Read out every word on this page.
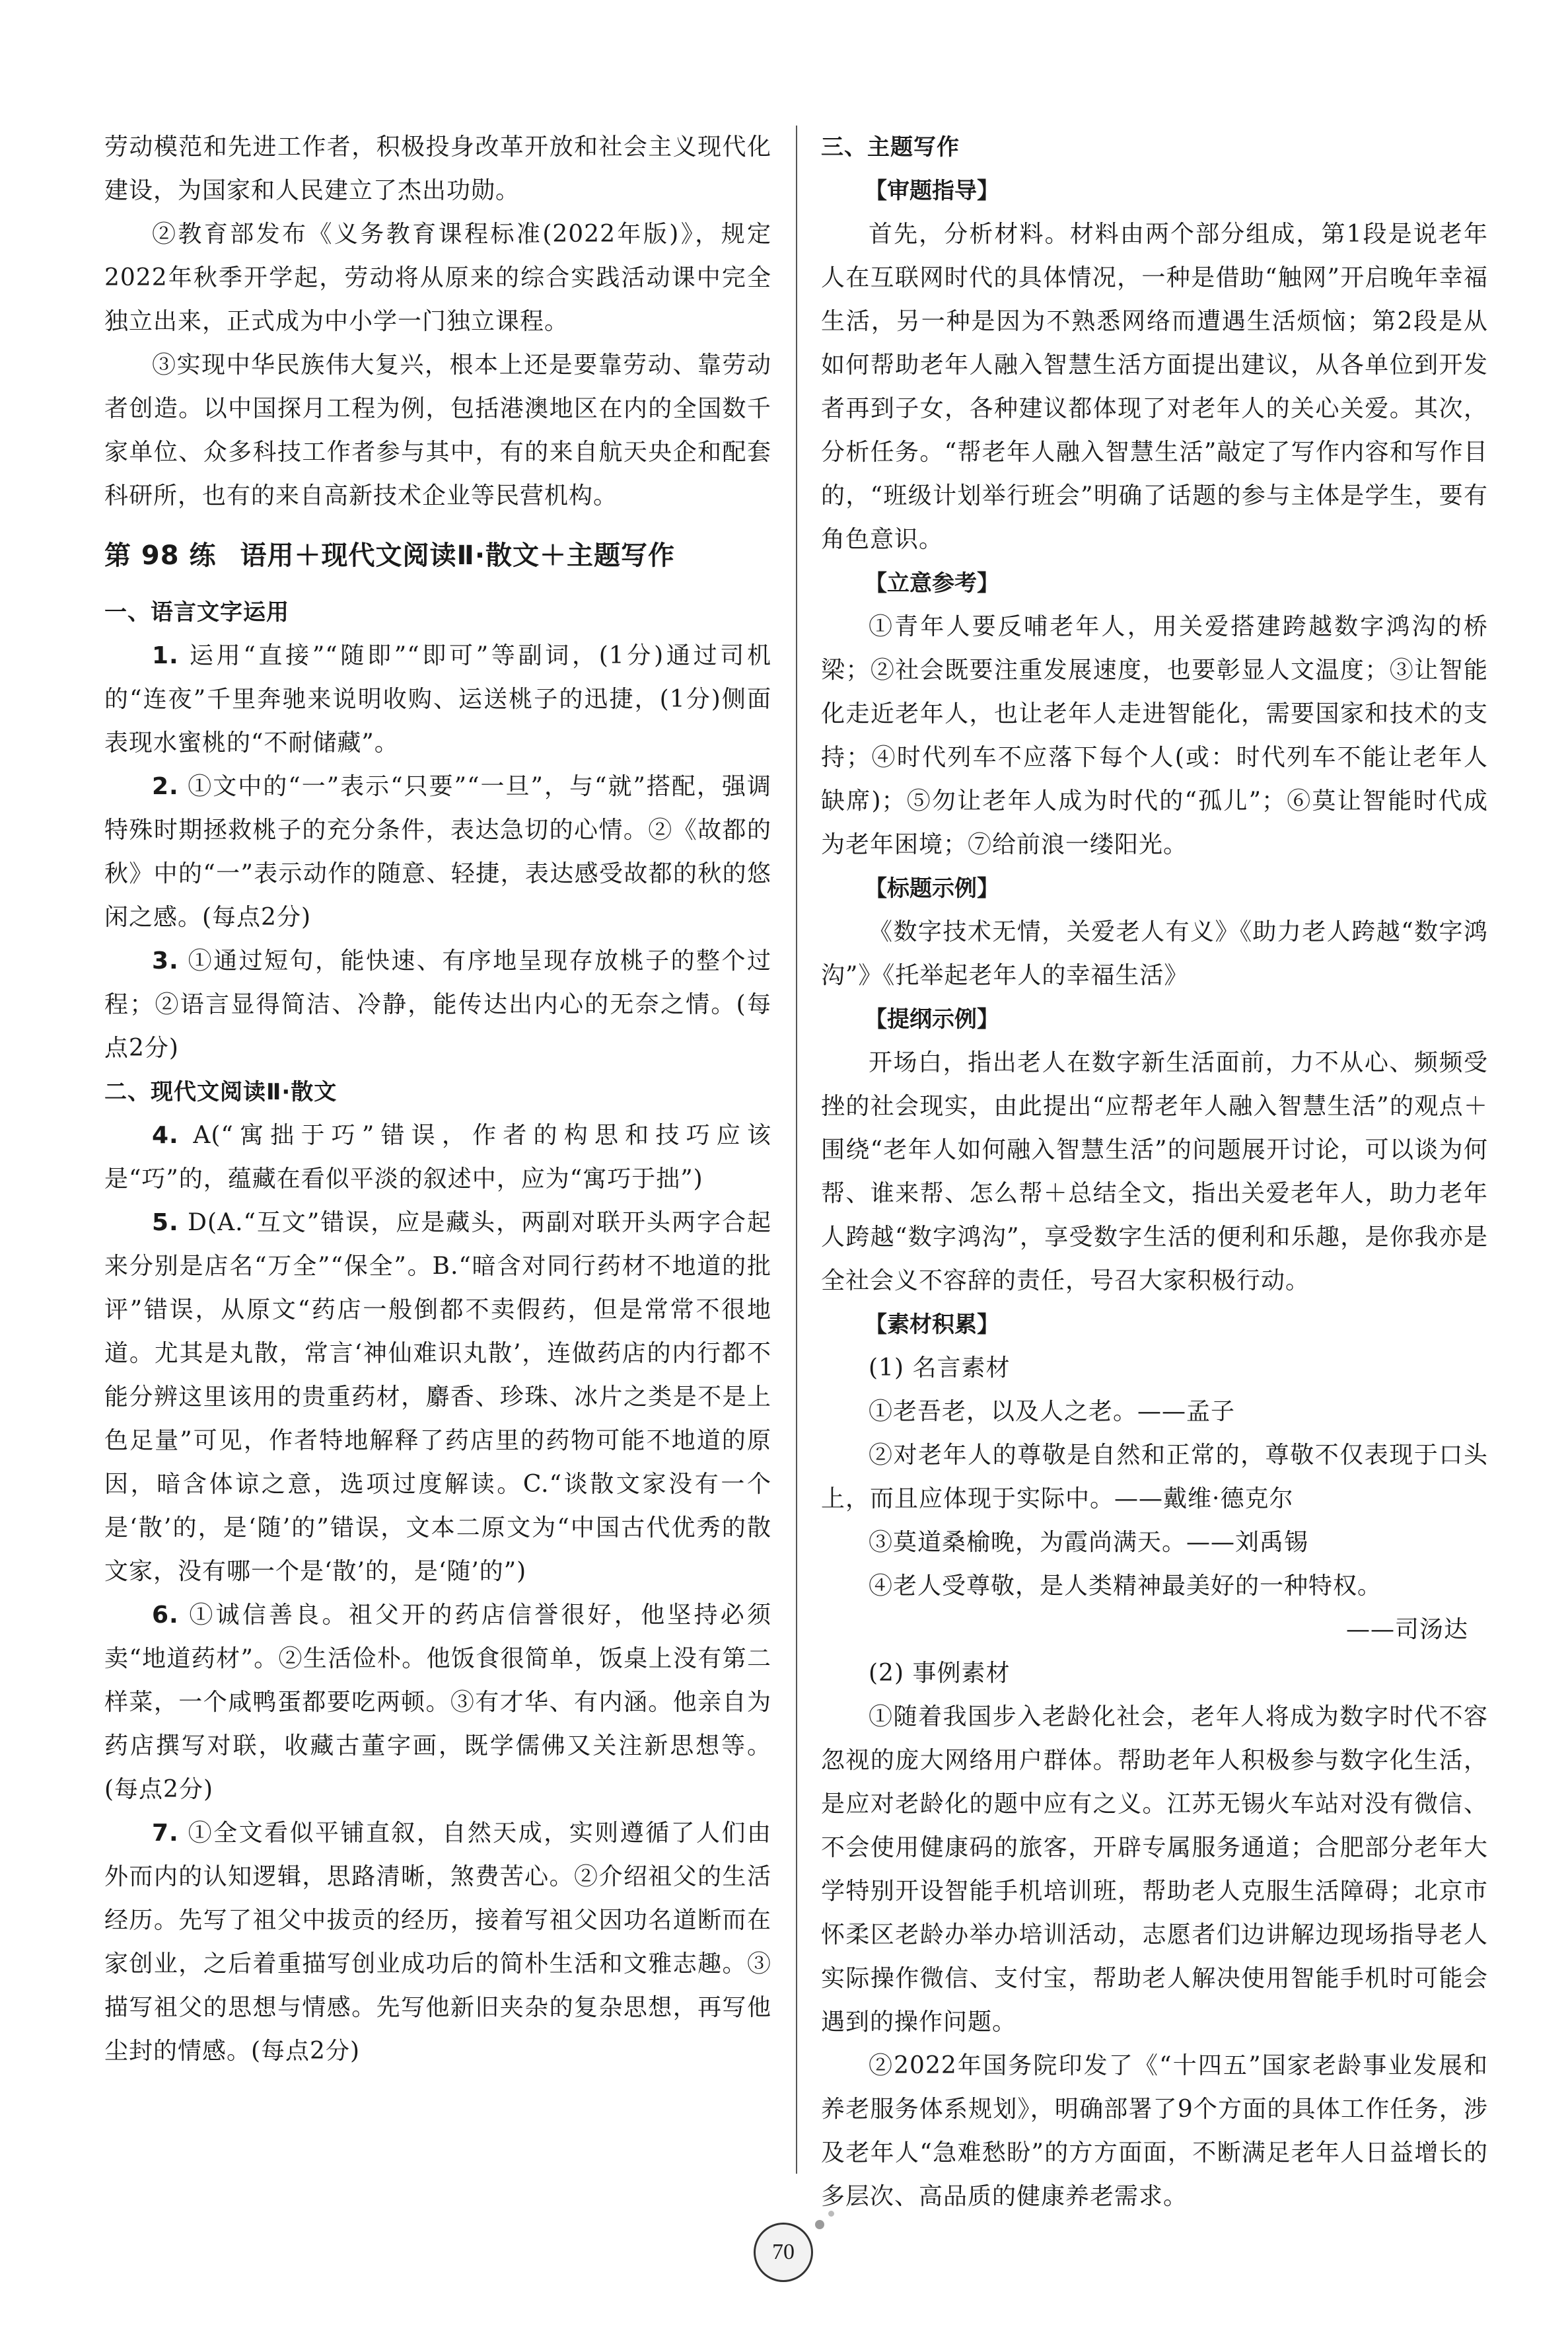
劳动模范和先进工作者，积极投身改革开放和社会主义现代化建设，为国家和人民建立了杰出功勋。

②教育部发布《义务教育课程标准(2022年版)》，规定2022年秋季开学起，劳动将从原来的综合实践活动课中完全独立出来，正式成为中小学一门独立课程。

③实现中华民族伟大复兴，根本上还是要靠劳动、靠劳动者创造。以中国探月工程为例，包括港澳地区在内的全国数千家单位、众多科技工作者参与其中，有的来自航天央企和配套科研所，也有的来自高新技术企业等民营机构。

第 98 练 语用＋现代文阅读Ⅱ·散文＋主题写作
一、语言文字运用

1. 运用“直接”“随即”“即可”等副词，(1分)通过司机的“连夜”千里奔驰来说明收购、运送桃子的迅捷，(1分)侧面表现水蜜桃的“不耐储藏”。

2. ①文中的“一”表示“只要”“一旦”，与“就”搭配，强调特殊时期拯救桃子的充分条件，表达急切的心情。②《故都的秋》中的“一”表示动作的随意、轻捷，表达感受故都的秋的悠闲之感。(每点2分)

3. ①通过短句，能快速、有序地呈现存放桃子的整个过程；②语言显得简洁、冷静，能传达出内心的无奈之情。(每点2分)

二、现代文阅读Ⅱ·散文

4. A(“寓拙于巧”错误，作者的构思和技巧应该是“巧”的，蕴藏在看似平淡的叙述中，应为“寓巧于拙”)

5. D(A.“互文”错误，应是藏头，两副对联开头两字合起来分别是店名“万全”“保全”。B.“暗含对同行药材不地道的批评”错误，从原文“药店一般倒都不卖假药，但是常常不很地道。尤其是丸散，常言‘神仙难识丸散’，连做药店的内行都不能分辨这里该用的贵重药材，麝香、珍珠、冰片之类是不是上色足量”可见，作者特地解释了药店里的药物可能不地道的原因，暗含体谅之意，选项过度解读。C.“谈散文家没有一个是‘散’的，是‘随’的”错误，文本二原文为“中国古代优秀的散文家，没有哪一个是‘散’的，是‘随’的”)

6. ①诚信善良。祖父开的药店信誉很好，他坚持必须卖“地道药材”。②生活俭朴。他饭食很简单，饭桌上没有第二样菜，一个咸鸭蛋都要吃两顿。③有才华、有内涵。他亲自为药店撰写对联，收藏古董字画，既学儒佛又关注新思想等。(每点2分)

7. ①全文看似平铺直叙，自然天成，实则遵循了人们由外而内的认知逻辑，思路清晰，煞费苦心。②介绍祖父的生活经历。先写了祖父中拔贡的经历，接着写祖父因功名道断而在家创业，之后着重描写创业成功后的简朴生活和文雅志趣。③描写祖父的思想与情感。先写他新旧夹杂的复杂思想，再写他尘封的情感。(每点2分)

三、主题写作
【审题指导】

首先，分析材料。材料由两个部分组成，第1段是说老年人在互联网时代的具体情况，一种是借助“触网”开启晚年幸福生活，另一种是因为不熟悉网络而遭遇生活烦恼；第2段是从如何帮助老年人融入智慧生活方面提出建议，从各单位到开发者再到子女，各种建议都体现了对老年人的关心关爱。其次，分析任务。“帮老年人融入智慧生活”敲定了写作内容和写作目的，“班级计划举行班会”明确了话题的参与主体是学生，要有角色意识。

【立意参考】

①青年人要反哺老年人，用关爱搭建跨越数字鸿沟的桥梁；②社会既要注重发展速度，也要彰显人文温度；③让智能化走近老年人，也让老年人走进智能化，需要国家和技术的支持；④时代列车不应落下每个人(或：时代列车不能让老年人缺席)；⑤勿让老年人成为时代的“孤儿”；⑥莫让智能时代成为老年困境；⑦给前浪一缕阳光。

【标题示例】

《数字技术无情，关爱老人有义》《助力老人跨越“数字鸿沟”》《托举起老年人的幸福生活》

【提纲示例】

开场白，指出老人在数字新生活面前，力不从心、频频受挫的社会现实，由此提出“应帮老年人融入智慧生活”的观点＋围绕“老年人如何融入智慧生活”的问题展开讨论，可以谈为何帮、谁来帮、怎么帮＋总结全文，指出关爱老年人，助力老年人跨越“数字鸿沟”，享受数字生活的便利和乐趣，是你我亦是全社会义不容辞的责任，号召大家积极行动。

【素材积累】

(1) 名言素材

①老吾老，以及人之老。——孟子

②对老年人的尊敬是自然和正常的，尊敬不仅表现于口头上，而且应体现于实际中。——戴维·德克尔

③莫道桑榆晚，为霞尚满天。——刘禹锡

④老人受尊敬，是人类精神最美好的一种特权。

——司汤达

(2) 事例素材

①随着我国步入老龄化社会，老年人将成为数字时代不容忽视的庞大网络用户群体。帮助老年人积极参与数字化生活，是应对老龄化的题中应有之义。江苏无锡火车站对没有微信、不会使用健康码的旅客，开辟专属服务通道；合肥部分老年大学特别开设智能手机培训班，帮助老人克服生活障碍；北京市怀柔区老龄办举办培训活动，志愿者们边讲解边现场指导老人实际操作微信、支付宝，帮助老人解决使用智能手机时可能会遇到的操作问题。

②2022年国务院印发了《“十四五”国家老龄事业发展和养老服务体系规划》，明确部署了9个方面的具体工作任务，涉及老年人“急难愁盼”的方方面面，不断满足老年人日益增长的多层次、高品质的健康养老需求。

70
